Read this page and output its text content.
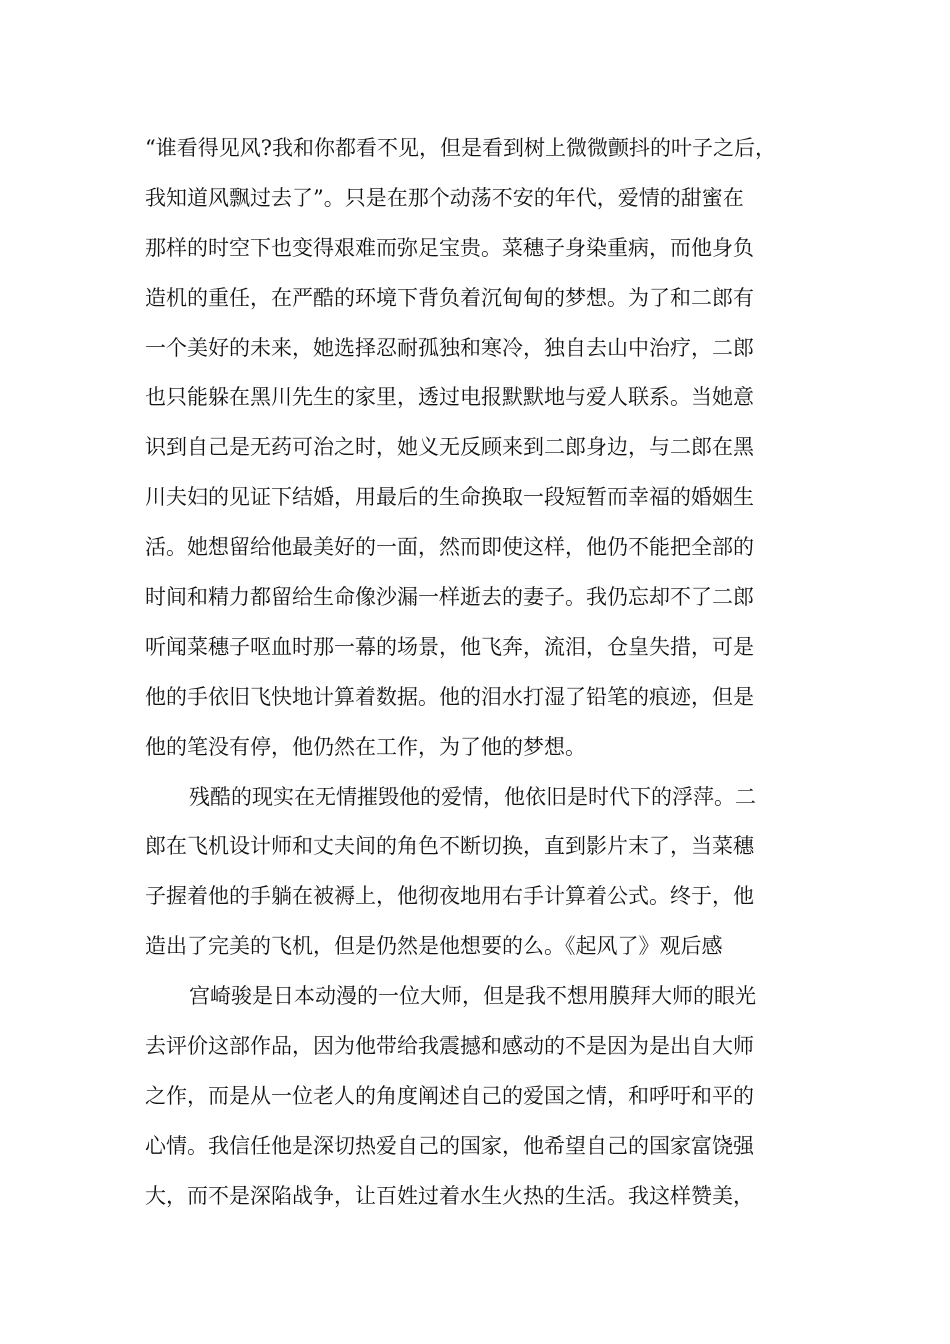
“谁看得见风?我和你都看不见，但是看到树上微微颤抖的叶子之后，
我知道风飘过去了”。只是在那个动荡不安的年代，爱情的甜蜜在
那样的时空下也变得艰难而弥足宝贵。菜穗子身染重病，而他身负
造机的重任，在严酷的环境下背负着沉甸甸的梦想。为了和二郎有
一个美好的未来，她选择忍耐孤独和寒冷，独自去山中治疗，二郎
也只能躲在黑川先生的家里，透过电报默默地与爱人联系。当她意
识到自己是无药可治之时，她义无反顾来到二郎身边，与二郎在黑
川夫妇的见证下结婚，用最后的生命换取一段短暂而幸福的婚姻生
活。她想留给他最美好的一面，然而即使这样，他仍不能把全部的
时间和精力都留给生命像沙漏一样逝去的妻子。我仍忘却不了二郎
听闻菜穗子呕血时那一幕的场景，他飞奔，流泪，仓皇失措，可是
他的手依旧飞快地计算着数据。他的泪水打湿了铅笔的痕迹，但是
他的笔没有停，他仍然在工作，为了他的梦想。
残酷的现实在无情摧毁他的爱情，他依旧是时代下的浮萍。二
郎在飞机设计师和丈夫间的角色不断切换，直到影片末了，当菜穗
子握着他的手躺在被褥上，他彻夜地用右手计算着公式。终于，他
造出了完美的飞机，但是仍然是他想要的么。《起风了》观后感
宫崎骏是日本动漫的一位大师，但是我不想用膜拜大师的眼光
去评价这部作品，因为他带给我震撼和感动的不是因为是出自大师
之作，而是从一位老人的角度阐述自己的爱国之情，和呼吁和平的
心情。我信任他是深切热爱自己的国家，他希望自己的国家富饶强
大，而不是深陷战争，让百姓过着水生火热的生活。我这样赞美，
